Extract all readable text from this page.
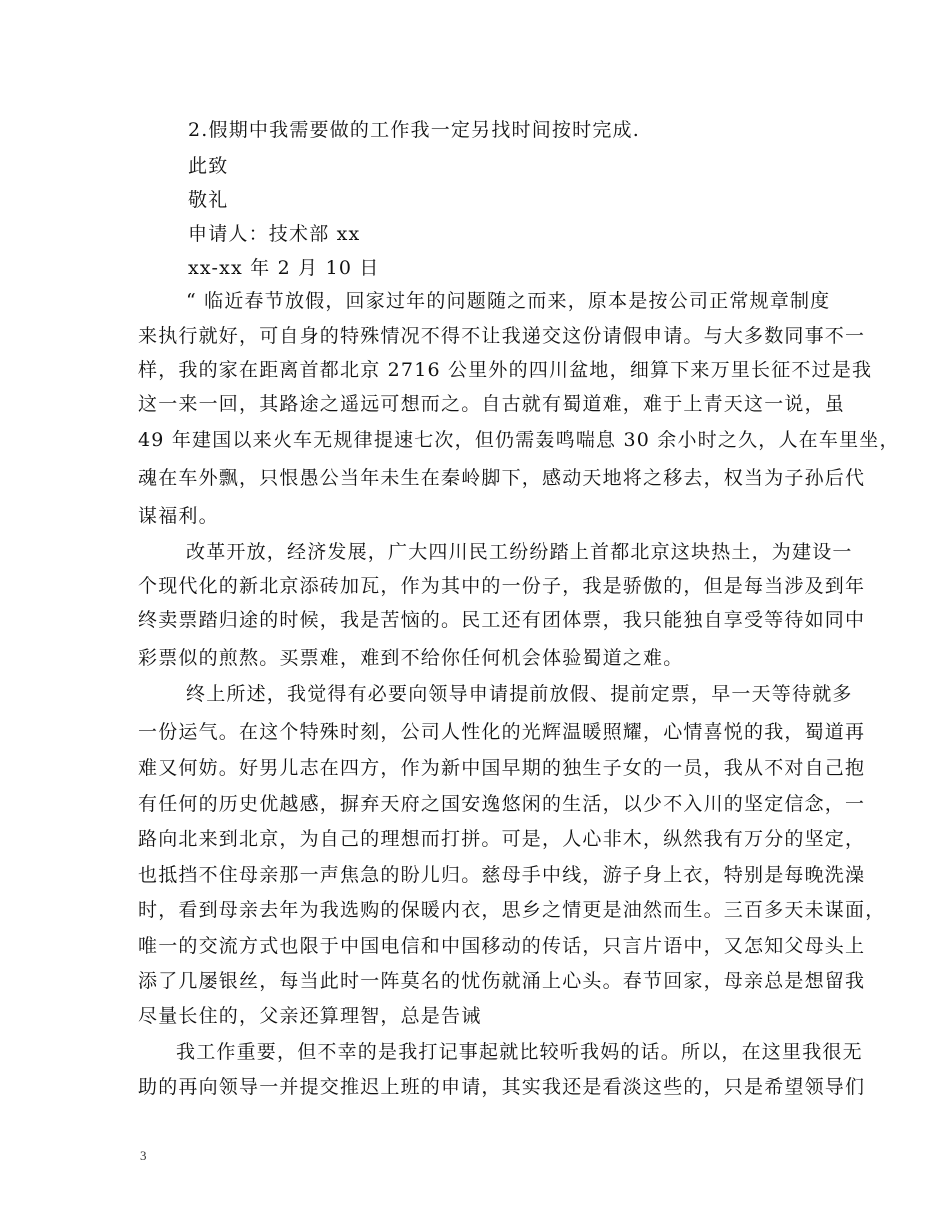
2.假期中我需要做的工作我一定另找时间按时完成.
此致
敬礼
申请人：技术部 xx
xx-xx 年 2 月 10 日
“ 临近春节放假，回家过年的问题随之而来，原本是按公司正常规章制度
来执行就好，可自身的特殊情况不得不让我递交这份请假申请。与大多数同事不一
样，我的家在距离首都北京 2716 公里外的四川盆地，细算下来万里长征不过是我
这一来一回，其路途之遥远可想而之。自古就有蜀道难，难于上青天这一说，虽
49 年建国以来火车无规律提速七次，但仍需轰鸣喘息 30 余小时之久，人在车里坐，
魂在车外飘，只恨愚公当年未生在秦岭脚下，感动天地将之移去，权当为子孙后代
谋福利。
改革开放，经济发展，广大四川民工纷纷踏上首都北京这块热土，为建设一
个现代化的新北京添砖加瓦，作为其中的一份子，我是骄傲的，但是每当涉及到年
终卖票踏归途的时候，我是苦恼的。民工还有团体票，我只能独自享受等待如同中
彩票似的煎熬。买票难，难到不给你任何机会体验蜀道之难。
终上所述，我觉得有必要向领导申请提前放假、提前定票，早一天等待就多
一份运气。在这个特殊时刻，公司人性化的光辉温暖照耀，心情喜悦的我，蜀道再
难又何妨。好男儿志在四方，作为新中国早期的独生子女的一员，我从不对自己抱
有任何的历史优越感，摒弃天府之国安逸悠闲的生活，以少不入川的坚定信念，一
路向北来到北京，为自己的理想而打拼。可是，人心非木，纵然我有万分的坚定，
也抵挡不住母亲那一声焦急的盼儿归。慈母手中线，游子身上衣，特别是每晚洗澡
时，看到母亲去年为我选购的保暖内衣，思乡之情更是油然而生。三百多天未谋面，
唯一的交流方式也限于中国电信和中国移动的传话，只言片语中，又怎知父母头上
添了几屡银丝，每当此时一阵莫名的忧伤就涌上心头。春节回家，母亲总是想留我
尽量长住的，父亲还算理智，总是告诫
我工作重要，但不幸的是我打记事起就比较听我妈的话。所以，在这里我很无
助的再向领导一并提交推迟上班的申请，其实我还是看淡这些的，只是希望领导们
3
